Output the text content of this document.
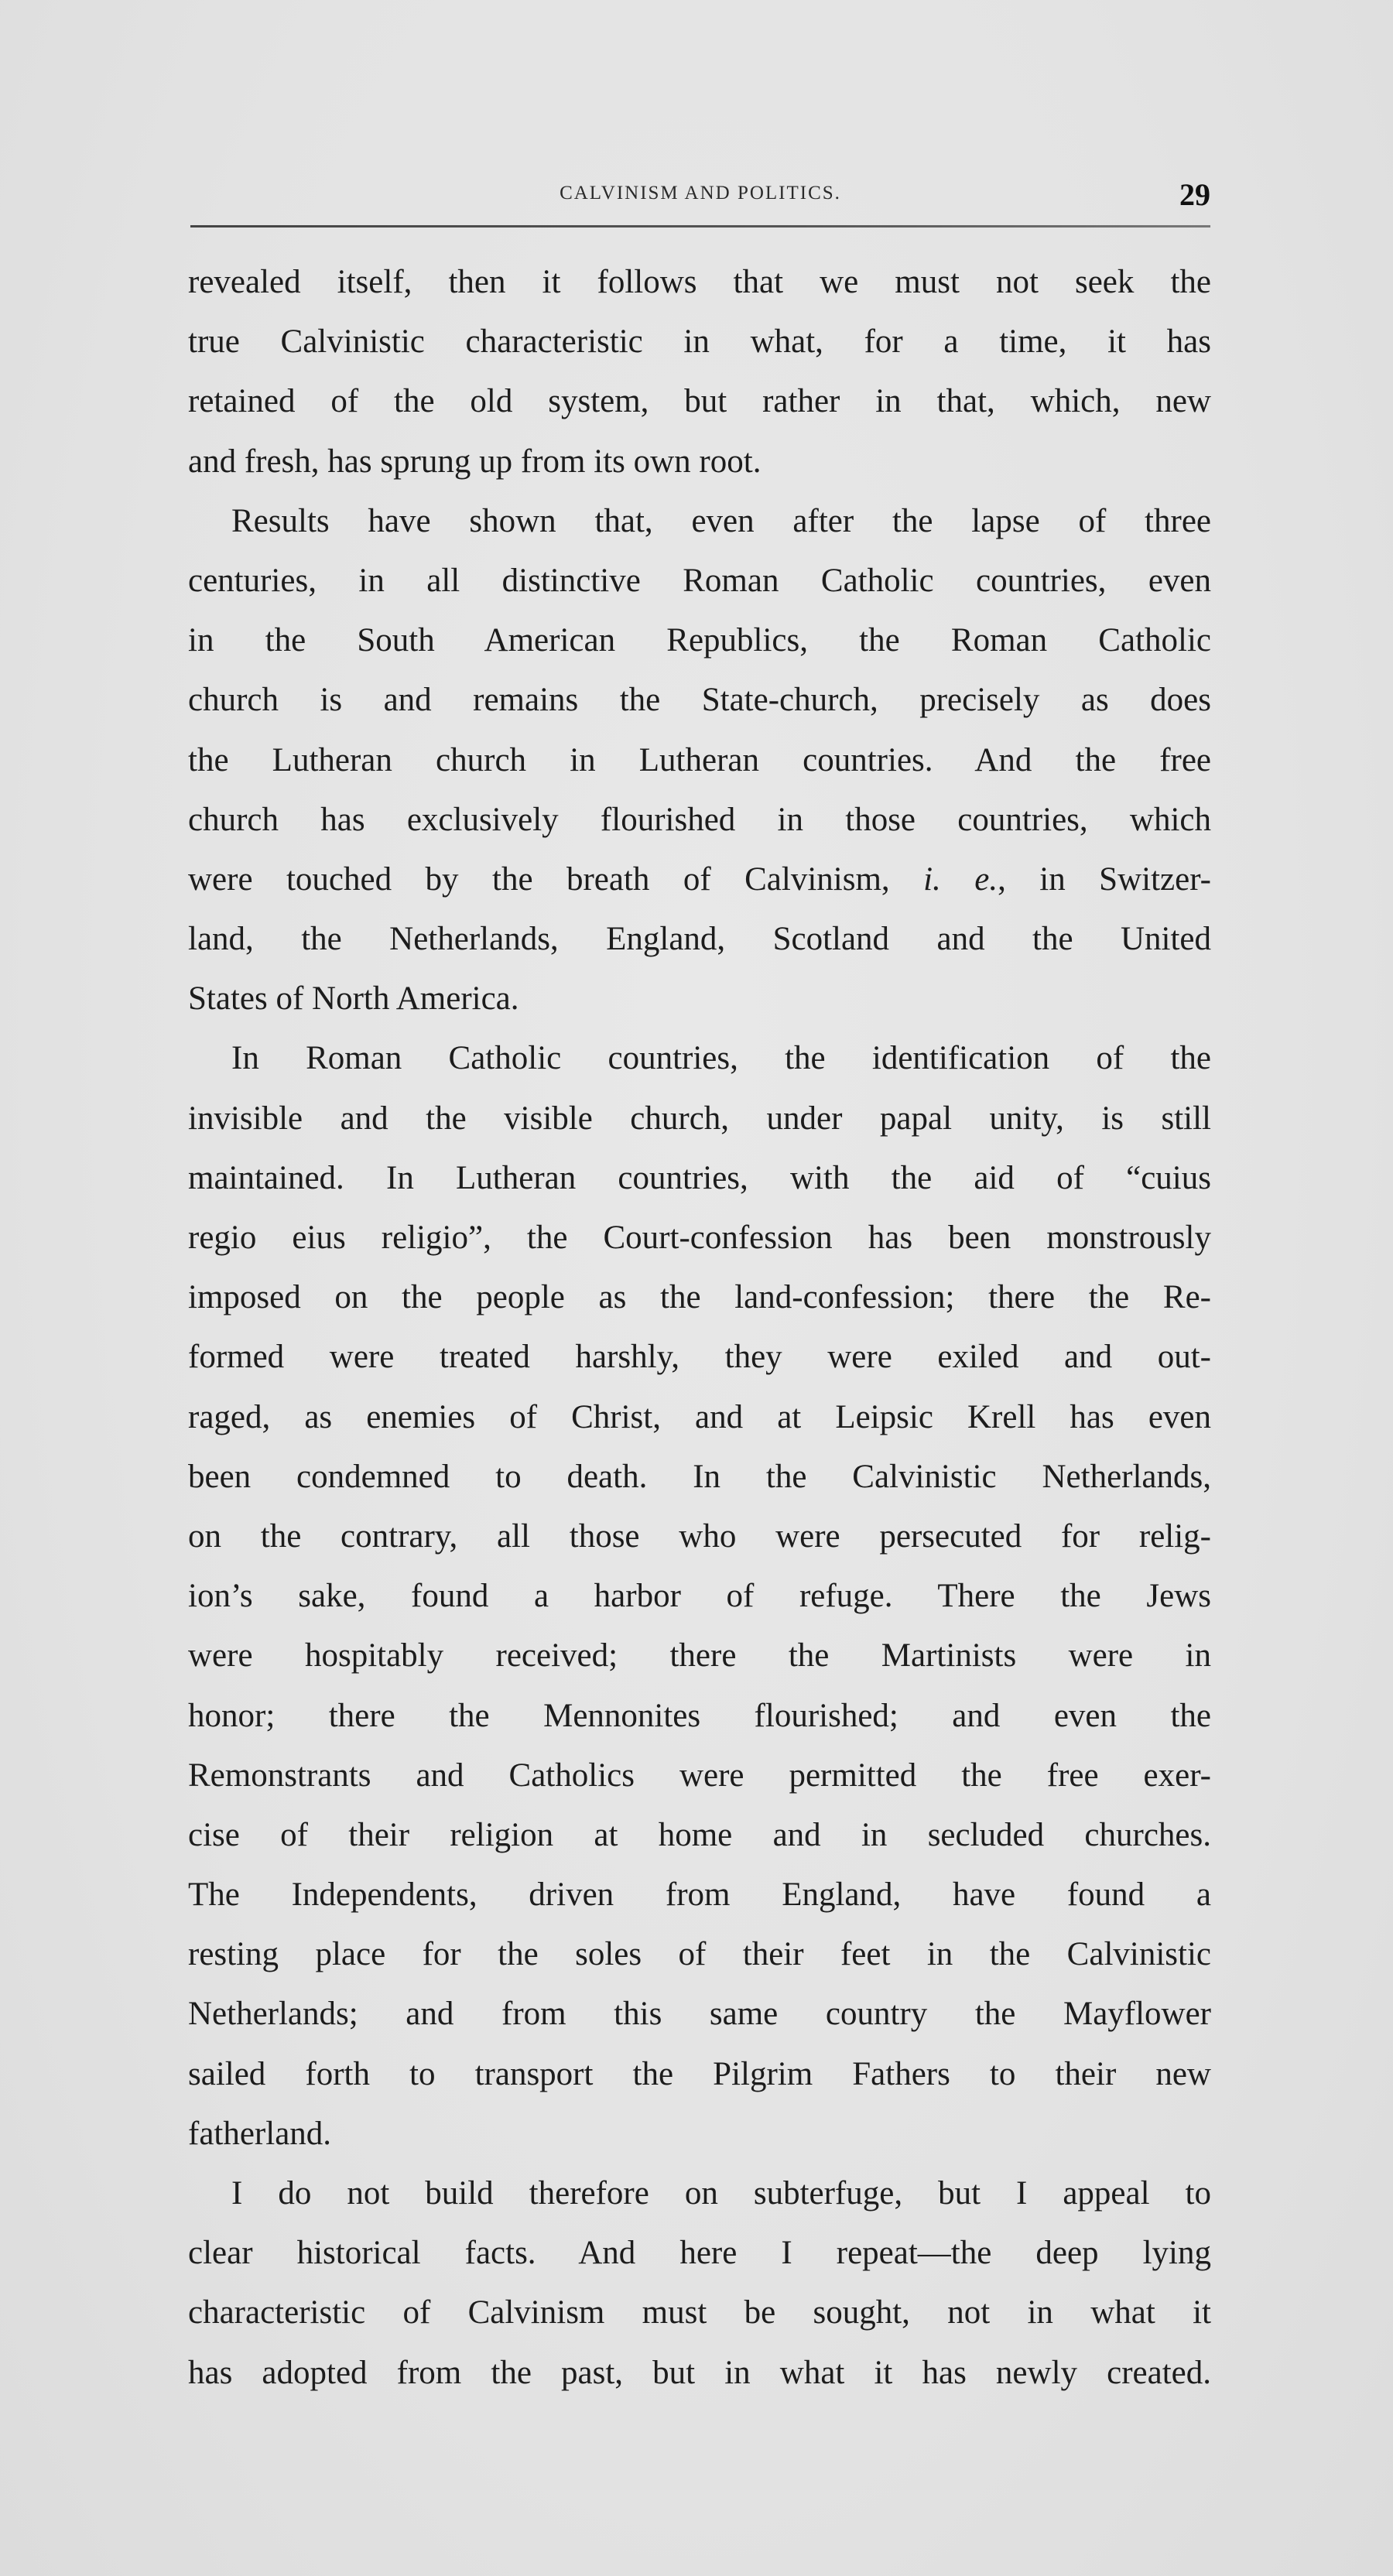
CALVINISM AND POLITICS.	29
revealed itself, then it follows that we must not seek the
true Calvinistic characteristic in what, for a time, it has
retained of the old system, but rather in that, which, new
and fresh, has sprung up from its own root.
Results have shown that, even after the lapse of three
centuries, in all distinctive Roman Catholic countries, even
in the South American Republics, the Roman Catholic
church is and remains the State-church, precisely as does
the Lutheran church in Lutheran countries. And the free
church has exclusively flourished in those countries, which
were touched by the breath of Calvinism, i. e., in Switzer-
land, the Netherlands, England, Scotland and the United
States of North America.
In Roman Catholic countries, the identification of the
invisible and the visible church, under papal unity, is still
maintained. In Lutheran countries, with the aid of “cuius
regio eius religio”, the Court-confession has been monstrously
imposed on the people as the land-confession; there the Re-
formed were treated harshly, they were exiled and out-
raged, as enemies of Christ, and at Leipsic Krell has even
been condemned to death. In the Calvinistic Netherlands,
on the contrary, all those who were persecuted for relig-
ion’s sake, found a harbor of refuge. There the Jews
were hospitably received; there the Martinists were in
honor; there the Mennonites flourished; and even the
Remonstrants and Catholics were permitted the free exer-
cise of their religion at home and in secluded churches.
The Independents, driven from England, have found a
resting place for the soles of their feet in the Calvinistic
Netherlands; and from this same country the Mayflower
sailed forth to transport the Pilgrim Fathers to their new
fatherland.
I do not build therefore on subterfuge, but I appeal to
clear historical facts. And here I repeat—the deep lying
characteristic of Calvinism must be sought, not in what it
has adopted from the past, but in what it has newly created.
